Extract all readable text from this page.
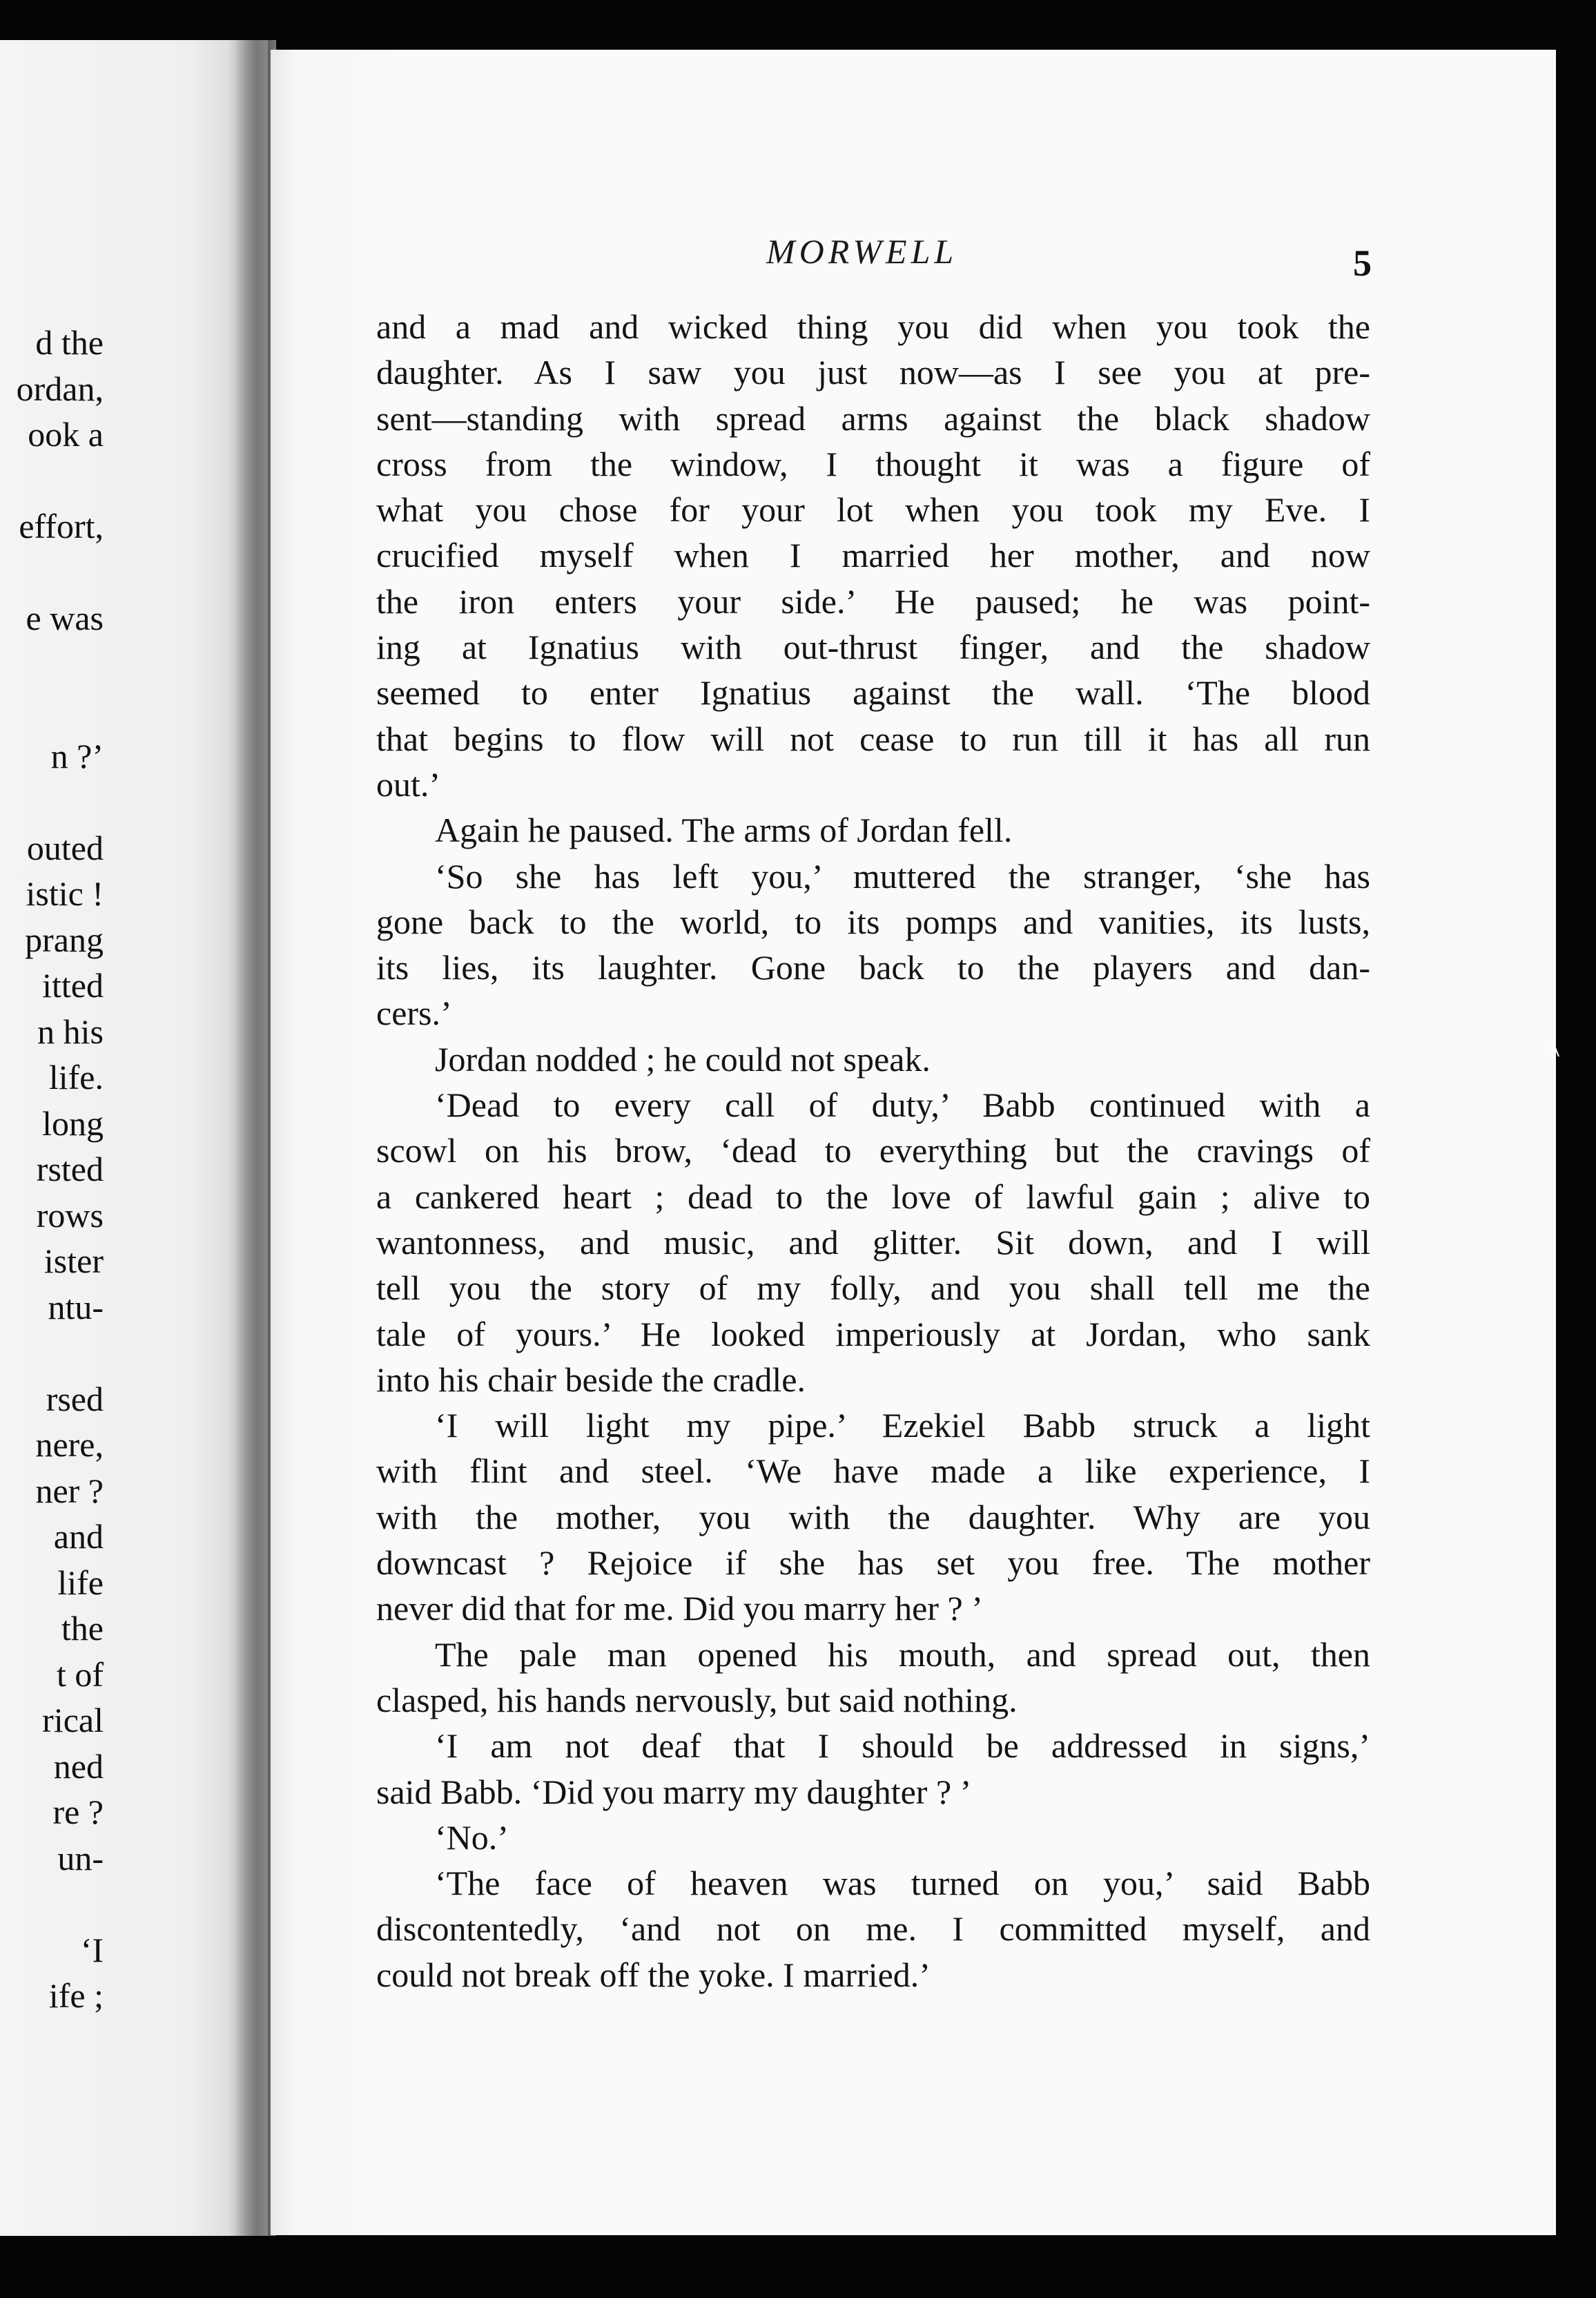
d the
ordan,
ook a
effort,
e was
n ?’
outed
istic !
prang
itted
n his
life.
long
rsted
rows
ister
ntu-
rsed
nere,
ner ?
and
life
the
t of
rical
ned
re ?
un-
‘I
ife ;
MORWELL	5
and a mad and wicked thing you did when you took the
daughter. As I saw you just now—as I see you at pre-
sent—standing with spread arms against the black shadow
cross from the window, I thought it was a figure of
what you chose for your lot when you took my Eve. I
crucified myself when I married her mother, and now
the iron enters your side.’ He paused; he was point-
ing at Ignatius with out-thrust finger, and the shadow
seemed to enter Ignatius against the wall. ‘The blood
that begins to flow will not cease to run till it has all run
out.’
Again he paused. The arms of Jordan fell.
‘So she has left you,’ muttered the stranger, ‘she has
gone back to the world, to its pomps and vanities, its lusts,
its lies, its laughter. Gone back to the players and dan-
cers.’
Jordan nodded ; he could not speak.
‘Dead to every call of duty,’ Babb continued with a
scowl on his brow, ‘dead to everything but the cravings of
a cankered heart ; dead to the love of lawful gain ; alive to
wantonness, and music, and glitter. Sit down, and I will
tell you the story of my folly, and you shall tell me the
tale of yours.’ He looked imperiously at Jordan, who sank
into his chair beside the cradle.
‘I will light my pipe.’ Ezekiel Babb struck a light
with flint and steel. ‘We have made a like experience, I
with the mother, you with the daughter. Why are you
downcast ? Rejoice if she has set you free. The mother
never did that for me. Did you marry her ? ’
The pale man opened his mouth, and spread out, then
clasped, his hands nervously, but said nothing.
‘I am not deaf that I should be addressed in signs,’
said Babb. ‘Did you marry my daughter ? ’
‘No.’
‘The face of heaven was turned on you,’ said Babb
discontentedly, ‘and not on me. I committed myself, and
could not break off the yoke. I married.’
